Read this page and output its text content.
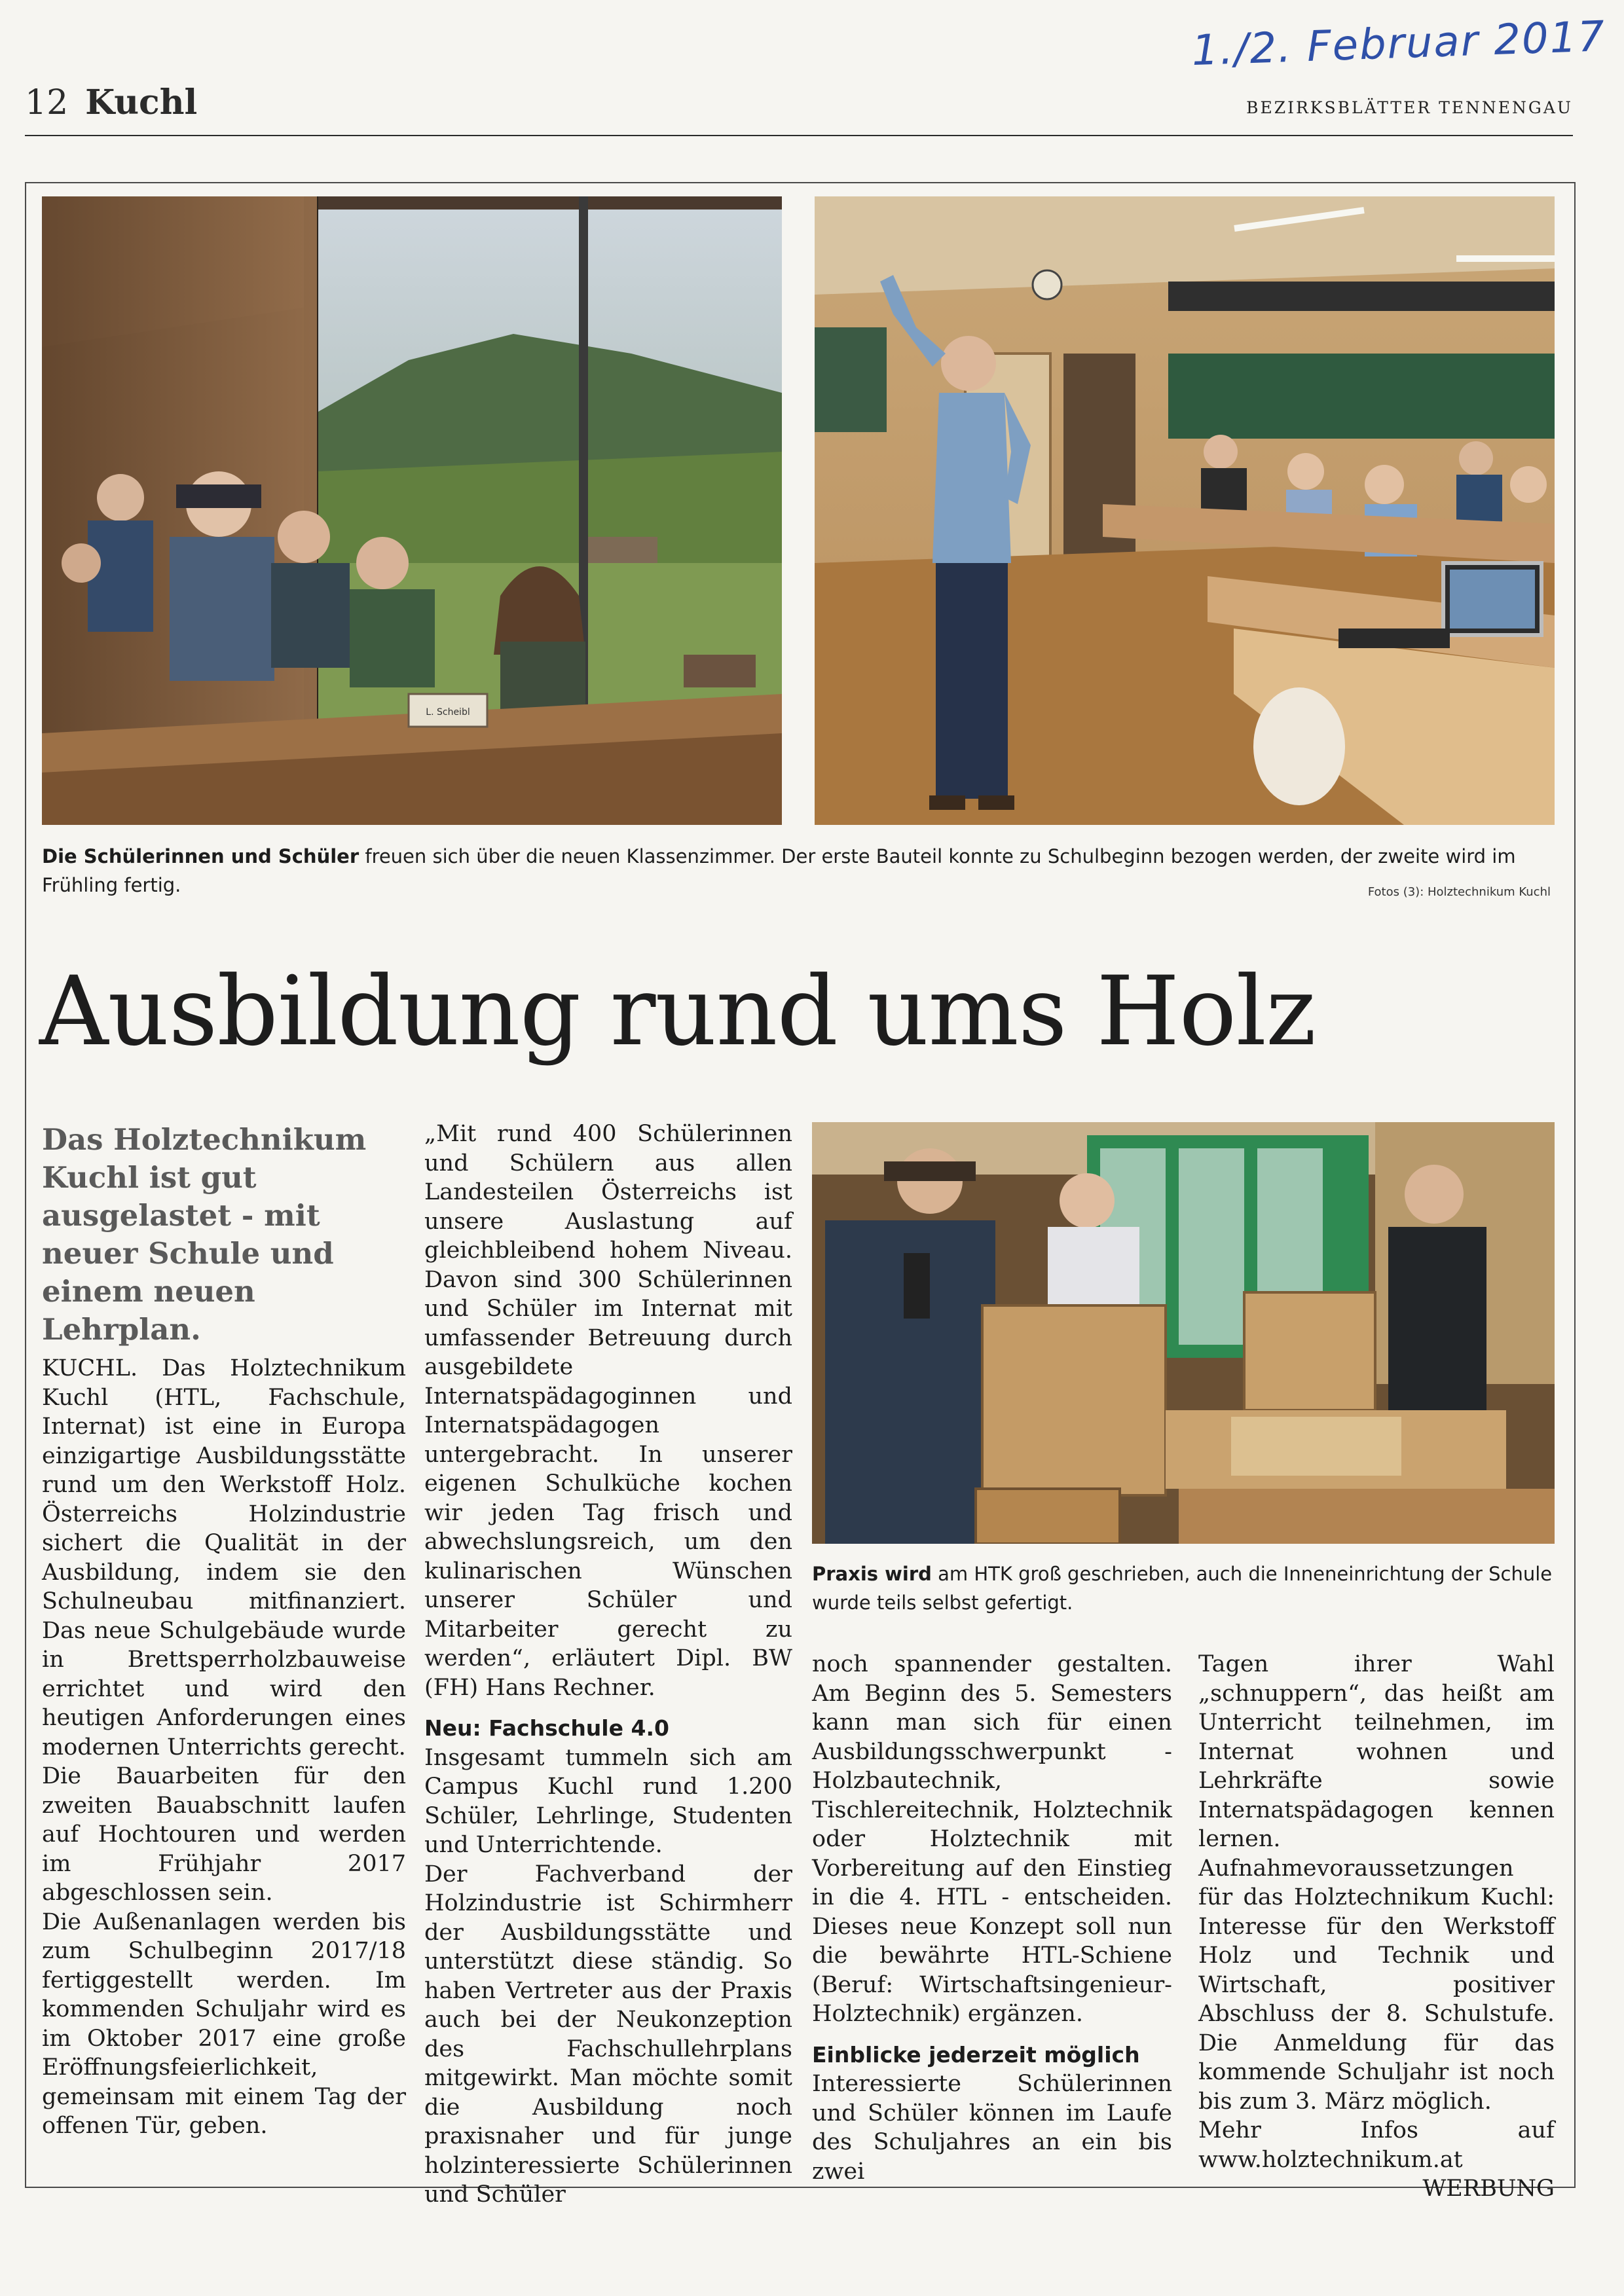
1./2. Februar 2017
12 Kuchl	BEZIRKSBLÄTTER TENNENGAU
L. Scheibl
Die Schülerinnen und Schüler freuen sich über die neuen Klassenzimmer. Der erste Bauteil konnte zu Schulbeginn bezogen werden, der zweite wird im Frühling fertig.	Fotos (3): Holztechnikum Kuchl
Ausbildung rund ums Holz
Das Holztechnikum Kuchl ist gut ausgelastet - mit neuer Schule und einem neuen Lehrplan.

KUCHL. Das Holztechnikum Kuchl (HTL, Fachschule, Internat) ist eine in Europa einzigartige Ausbildungsstätte rund um den Werkstoff Holz. Österreichs Holzindustrie sichert die Qualität in der Ausbildung, indem sie den Schulneubau mitfinanziert. Das neue Schulgebäude wurde in Brettsperrholzbauweise errichtet und wird den heutigen Anforderungen eines modernen Unterrichts gerecht.

Die Bauarbeiten für den zweiten Bauabschnitt laufen auf Hochtouren und werden im Frühjahr 2017 abgeschlossen sein.

Die Außenanlagen werden bis zum Schulbeginn 2017/18 fertiggestellt werden. Im kommenden Schuljahr wird es im Oktober 2017 eine große Eröffnungsfeierlichkeit, gemeinsam mit einem Tag der offenen Tür, geben.

„Mit rund 400 Schülerinnen und Schülern aus allen Landesteilen Österreichs ist unsere Auslastung auf gleichbleibend hohem Niveau. Davon sind 300 Schülerinnen und Schüler im Internat mit umfassender Betreuung durch ausgebildete Internatspädagoginnen und Internatspädagogen untergebracht. In unserer eigenen Schulküche kochen wir jeden Tag frisch und abwechslungsreich, um den kulinarischen Wünschen unserer Schüler und Mitarbeiter gerecht zu werden“, erläutert Dipl. BW (FH) Hans Rechner.

Neu: Fachschule 4.0

Insgesamt tummeln sich am Campus Kuchl rund 1.200 Schüler, Lehrlinge, Studenten und Unterrichtende.

Der Fachverband der Holzindustrie ist Schirmherr der Ausbildungsstätte und unterstützt diese ständig. So haben Vertreter aus der Praxis auch bei der Neukonzeption des Fachschullehrplans mitgewirkt. Man möchte somit die Ausbildung noch praxisnaher und für junge holzinteressierte Schülerinnen und Schüler

Praxis wird am HTK groß geschrieben, auch die Inneneinrichtung der Schule wurde teils selbst gefertigt.

noch spannender gestalten. Am Beginn des 5. Semesters kann man sich für einen Ausbildungsschwerpunkt - Holzbautechnik, Tischlereitechnik, Holztechnik oder Holztechnik mit Vorbereitung auf den Einstieg in die 4. HTL - entscheiden. Dieses neue Konzept soll nun die bewährte HTL-Schiene (Beruf: Wirtschaftsingenieur-Holztechnik) ergänzen.

Einblicke jederzeit möglich

Interessierte Schülerinnen und Schüler können im Laufe des Schuljahres an ein bis zwei

Tagen ihrer Wahl „schnuppern“, das heißt am Unterricht teilnehmen, im Internat wohnen und Lehrkräfte sowie Internatspädagogen kennen lernen.

Aufnahmevoraussetzungen für das Holztechnikum Kuchl: Interesse für den Werkstoff Holz und Technik und Wirtschaft, positiver Abschluss der 8. Schulstufe. Die Anmeldung für das kommende Schuljahr ist noch bis zum 3. März möglich.

Mehr Infos auf www.holztechnikum.at

WERBUNG
